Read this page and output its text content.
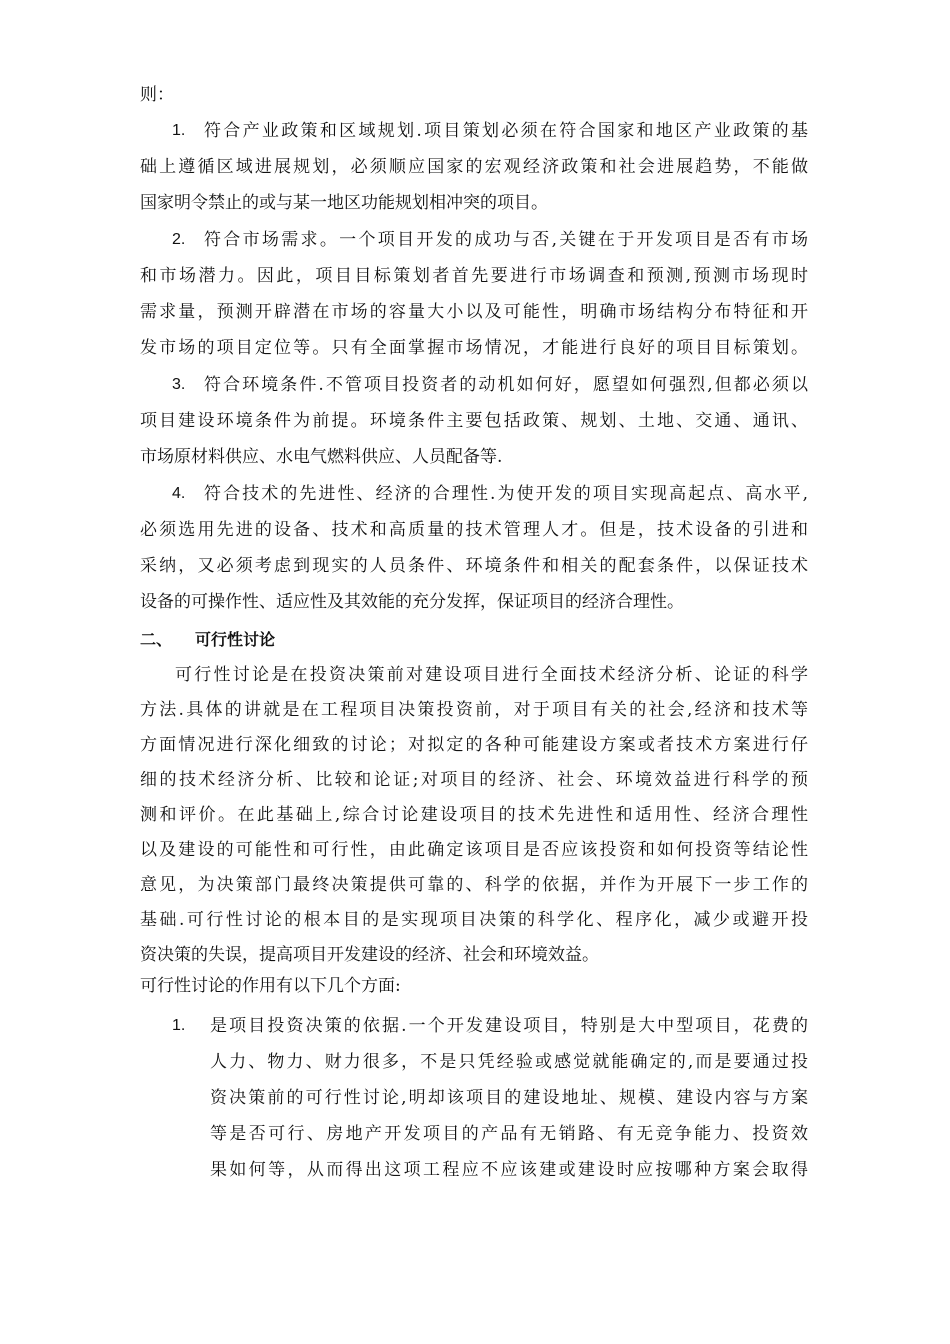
则：
1. 符合产业政策和区域规划.项目策划必须在符合国家和地区产业政策的基
础上遵循区域进展规划，必须顺应国家的宏观经济政策和社会进展趋势，不能做
国家明令禁止的或与某一地区功能规划相冲突的项目。
2. 符合市场需求。一个项目开发的成功与否,关键在于开发项目是否有市场
和市场潜力。因此，项目目标策划者首先要进行市场调查和预测,预测市场现时
需求量，预测开辟潜在市场的容量大小以及可能性，明确市场结构分布特征和开
发市场的项目定位等。只有全面掌握市场情况，才能进行良好的项目目标策划。
3. 符合环境条件.不管项目投资者的动机如何好，愿望如何强烈,但都必须以
项目建设环境条件为前提。环境条件主要包括政策、规划、土地、交通、通讯、
市场原材料供应、水电气燃料供应、人员配备等.
4. 符合技术的先进性、经济的合理性.为使开发的项目实现高起点、高水平,
必须选用先进的设备、技术和高质量的技术管理人才。但是，技术设备的引进和
采纳，又必须考虑到现实的人员条件、环境条件和相关的配套条件，以保证技术
设备的可操作性、适应性及其效能的充分发挥，保证项目的经济合理性。
二、 可行性讨论
可行性讨论是在投资决策前对建设项目进行全面技术经济分析、论证的科学
方法.具体的讲就是在工程项目决策投资前，对于项目有关的社会,经济和技术等
方面情况进行深化细致的讨论；对拟定的各种可能建设方案或者技术方案进行仔
细的技术经济分析、比较和论证;对项目的经济、社会、环境效益进行科学的预
测和评价。在此基础上,综合讨论建设项目的技术先进性和适用性、经济合理性
以及建设的可能性和可行性，由此确定该项目是否应该投资和如何投资等结论性
意见，为决策部门最终决策提供可靠的、科学的依据，并作为开展下一步工作的
基础.可行性讨论的根本目的是实现项目决策的科学化、程序化，减少或避开投
资决策的失误，提高项目开发建设的经济、社会和环境效益。
可行性讨论的作用有以下几个方面:
1. 是项目投资决策的依据.一个开发建设项目，特别是大中型项目，花费的
人力、物力、财力很多，不是只凭经验或感觉就能确定的,而是要通过投
资决策前的可行性讨论,明却该项目的建设地址、规模、建设内容与方案
等是否可行、房地产开发项目的产品有无销路、有无竞争能力、投资效
果如何等，从而得出这项工程应不应该建或建设时应按哪种方案会取得
